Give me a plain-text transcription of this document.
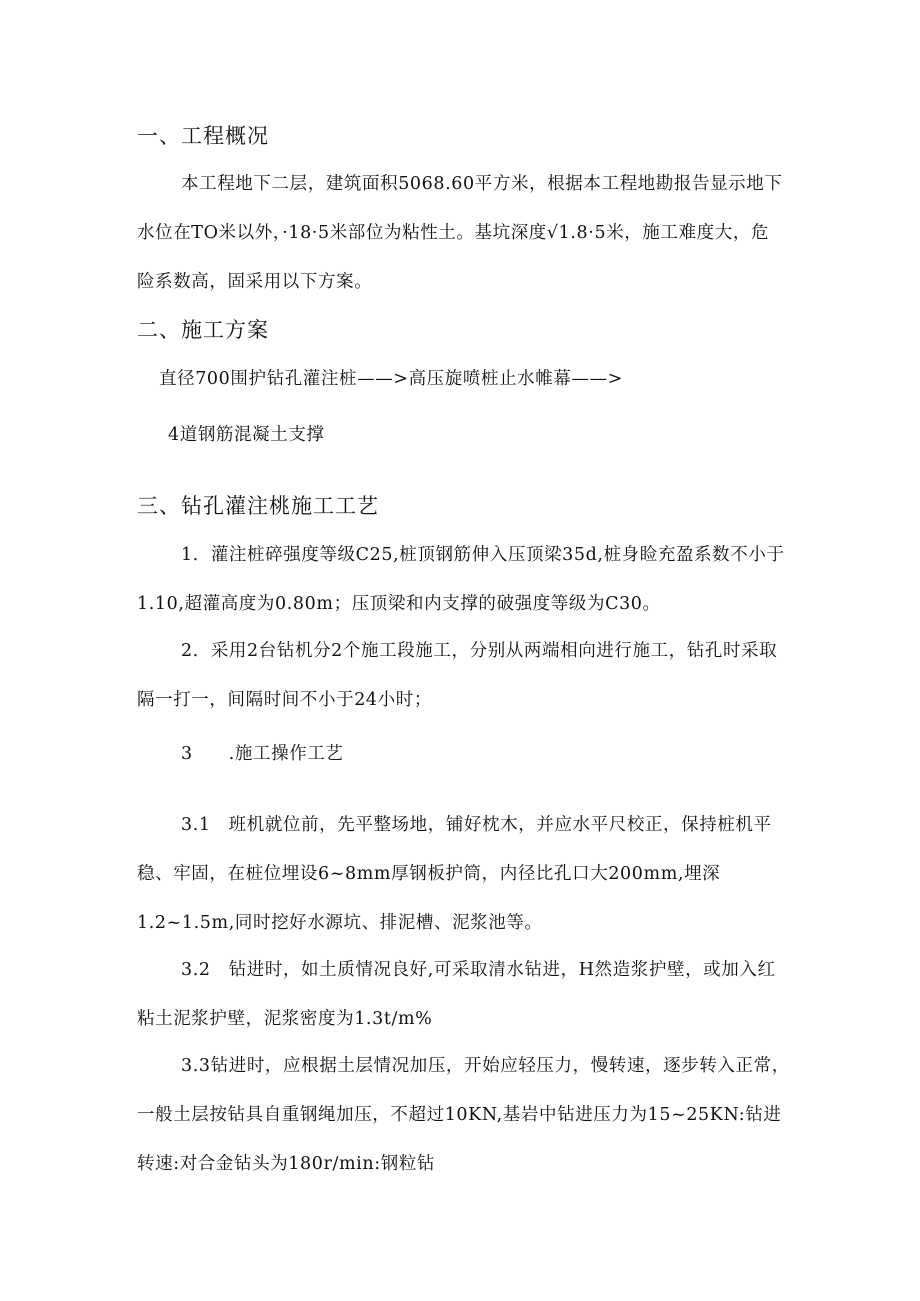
一、工程概况
本工程地下二层，建筑面积5068.60平方米，根据本工程地勘报告显示地下
水位在TO米以外，·18·5米部位为粘性土。基坑深度√1.8·5米，施工难度大，危
险系数高，固采用以下方案。
二、施工方案
直径700围护钻孔灌注桩——>高压旋喷桩止水帷幕——>
4道钢筋混凝土支撑
三、钻孔灌注桃施工工艺
1．灌注桩碎强度等级C25,桩顶钢筋伸入压顶梁35d,桩身睑充盈系数不小于
1.10,超灌高度为0.80m；压顶梁和内支撑的破强度等级为C30。
2．采用2台钻机分2个施工段施工，分别从两端相向进行施工，钻孔时采取
隔一打一，间隔时间不小于24小时；
3 .施工操作工艺
3.1 班机就位前，先平整场地，铺好枕木，并应水平尺校正，保持桩机平
稳、牢固，在桩位埋设6~8mm厚钢板护筒，内径比孔口大200mm,埋深
1.2~1.5m,同时挖好水源坑、排泥槽、泥浆池等。
3.2 钻进时，如土质情况良好,可采取清水钻进，H然造浆护壁，或加入红
粘土泥浆护壁，泥浆密度为1.3t∕m%
3.3钻进时，应根据土层情况加压，开始应轻压力，慢转速，逐步转入正常，
一般土层按钻具自重钢绳加压，不超过10KN,基岩中钻进压力为15~25KN:钻进
转速:对合金钻头为180r∕min:钢粒钻
